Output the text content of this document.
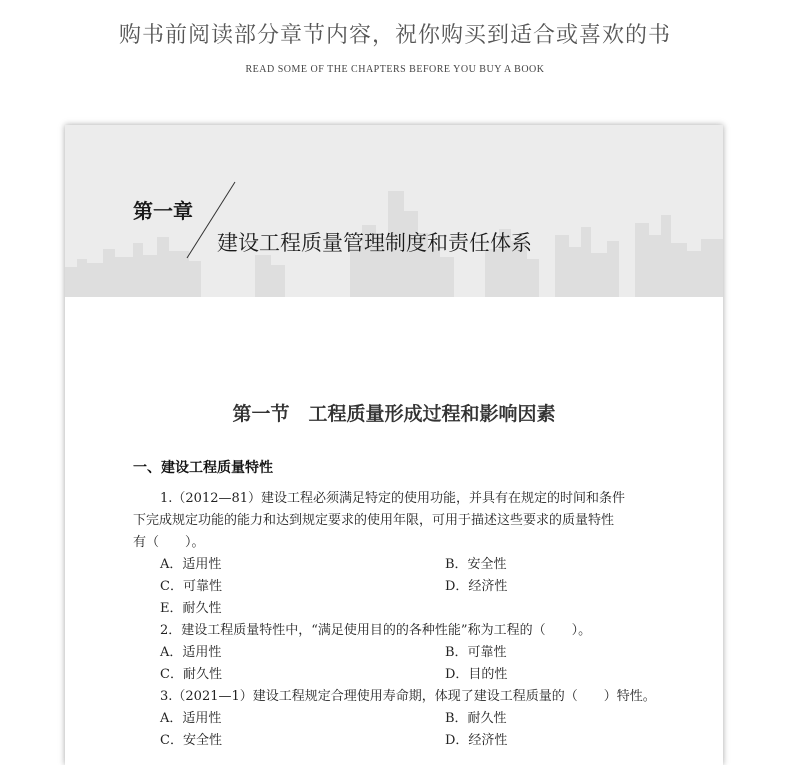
购书前阅读部分章节内容，祝你购买到适合或喜欢的书
READ SOME OF THE CHAPTERS BEFORE YOU BUY A BOOK
第一章
建设工程质量管理制度和责任体系
第一节　工程质量形成过程和影响因素
一、建设工程质量特性
1.（2012—81）建设工程必须满足特定的使用功能，并具有在规定的时间和条件
下完成规定功能的能力和达到规定要求的使用年限，可用于描述这些要求的质量特性
有（　　）。
A．适用性	B．安全性
C．可靠性	D．经济性
E．耐久性
2．建设工程质量特性中，“满足使用目的的各种性能”称为工程的（　　）。
A．适用性	B．可靠性
C．耐久性	D．目的性
3.（2021—1）建设工程规定合理使用寿命期，体现了建设工程质量的（　　）特性。
A．适用性	B．耐久性
C．安全性	D．经济性
